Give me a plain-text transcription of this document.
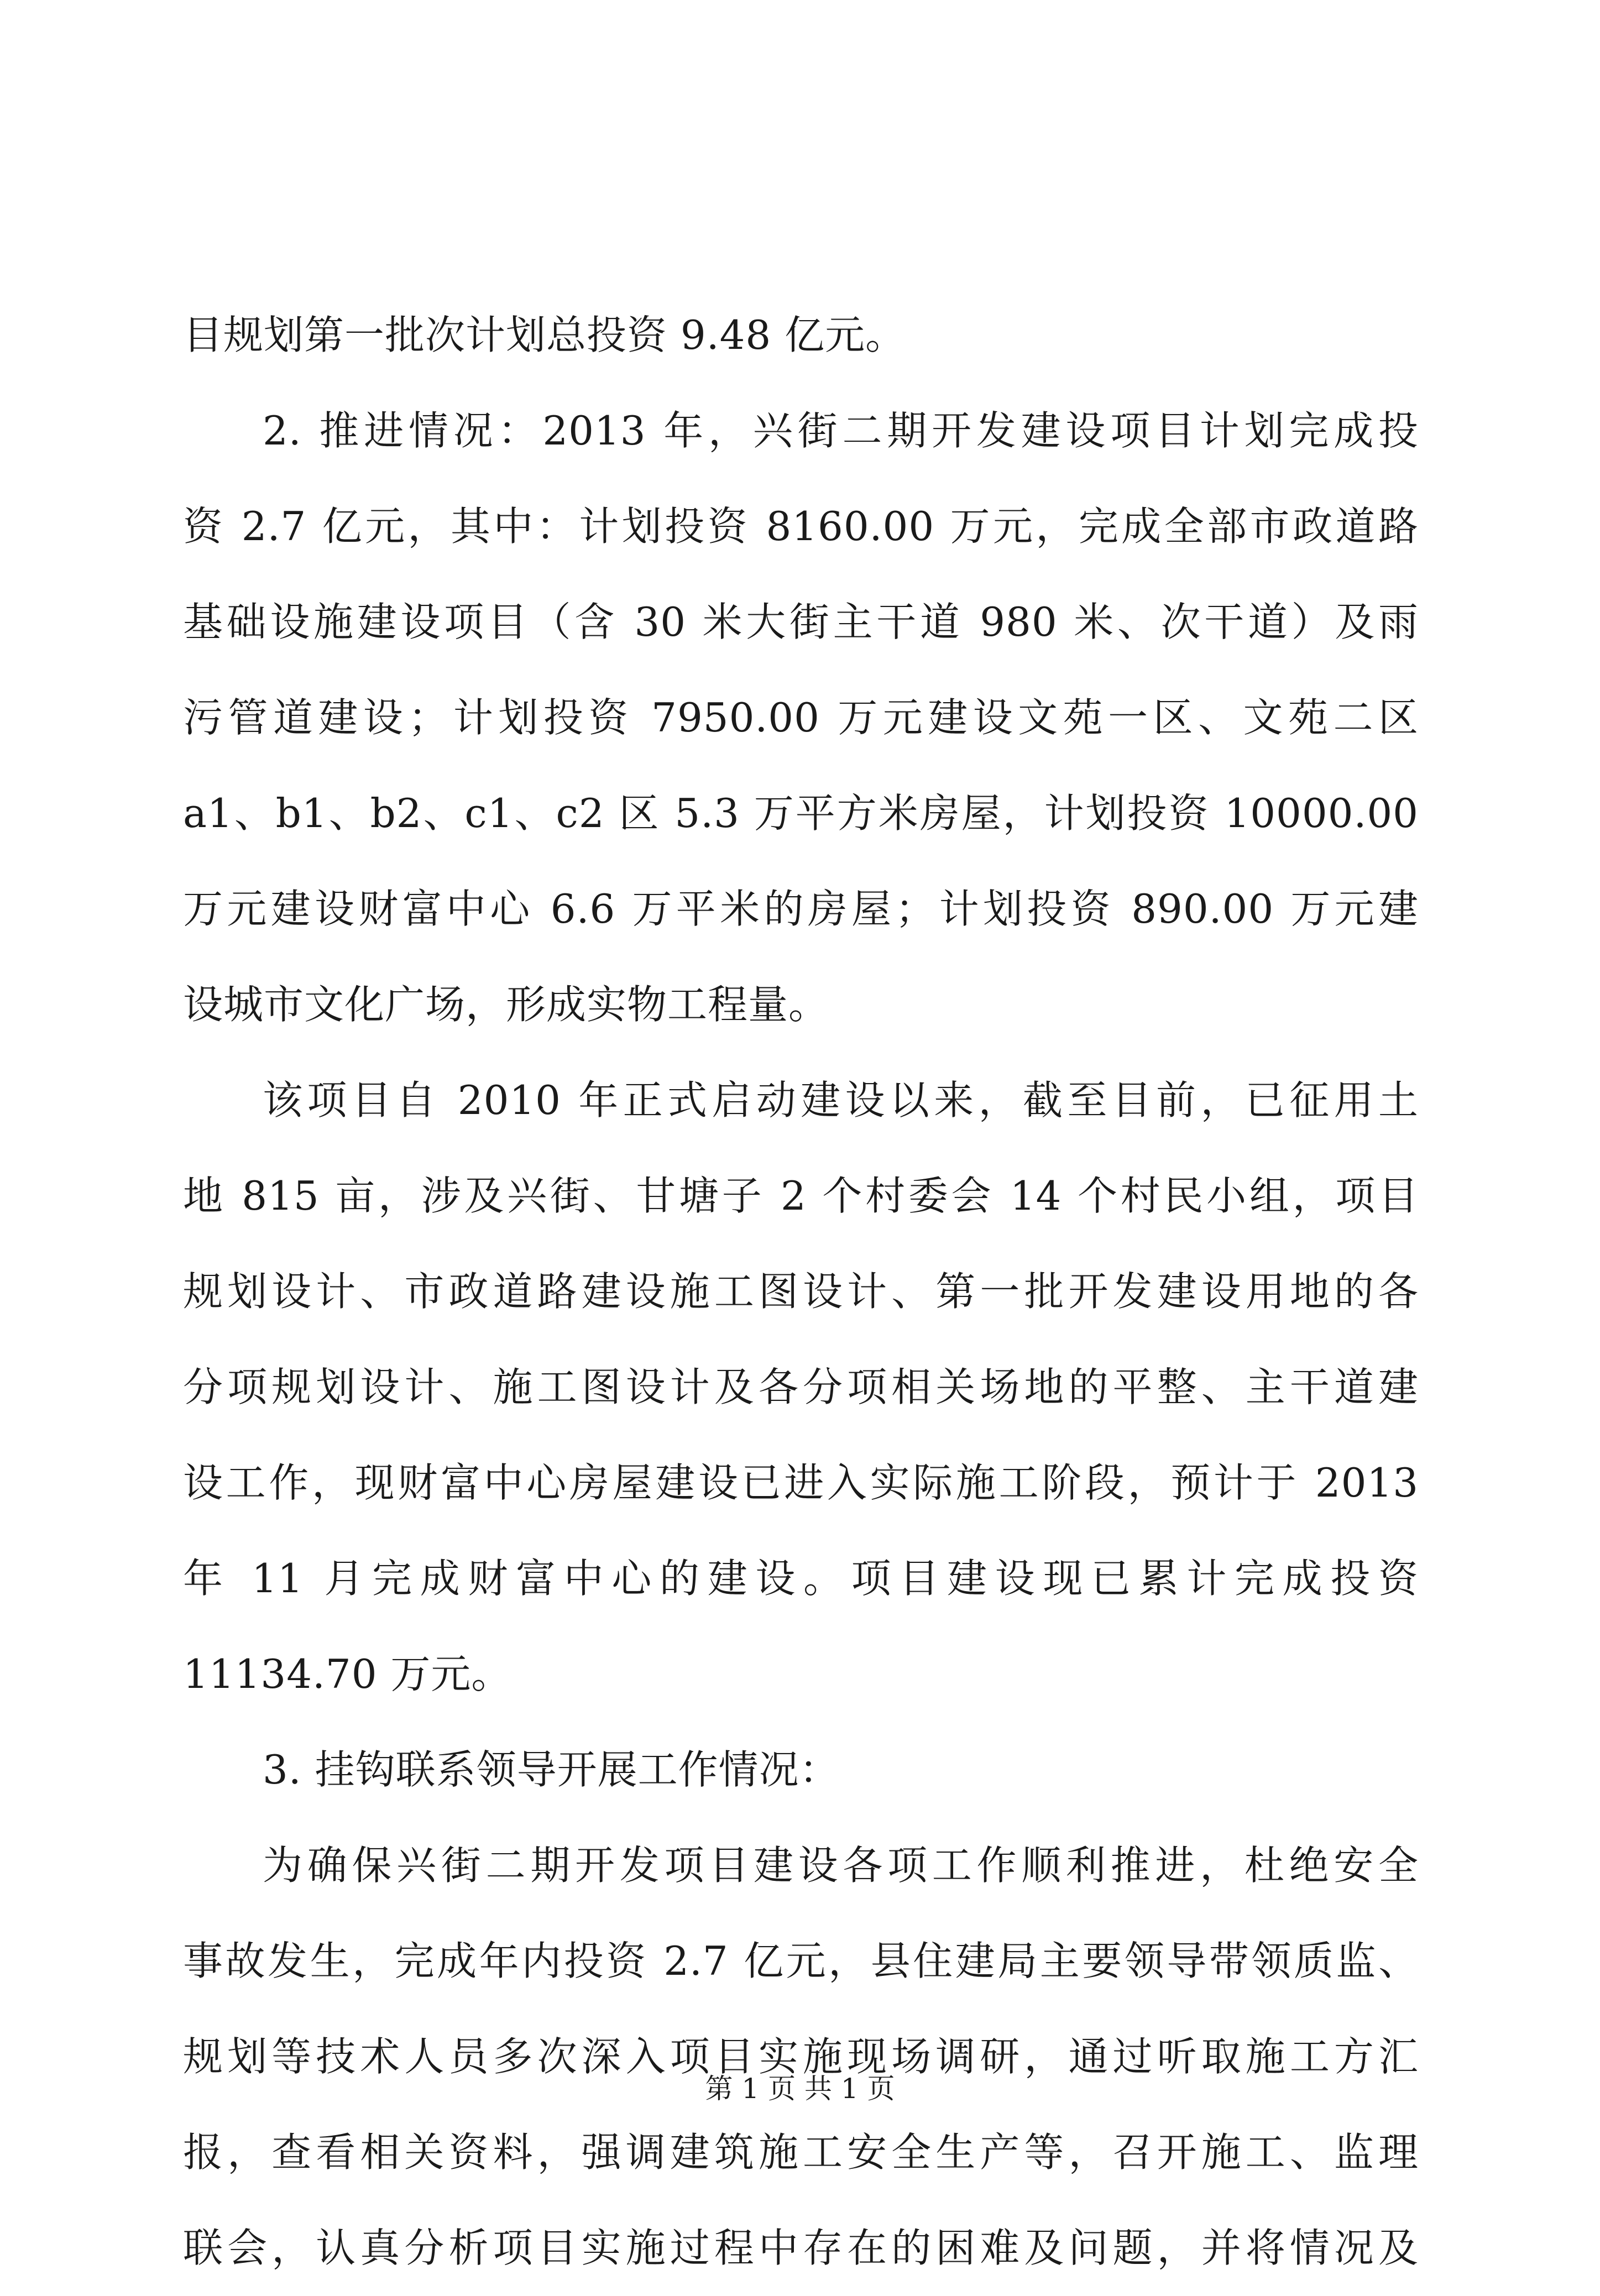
目规划第一批次计划总投资 9.48 亿元。
2. 推进情况：2013 年，兴街二期开发建设项目计划完成投
资 2.7 亿元，其中：计划投资 8160.00 万元，完成全部市政道路
基础设施建设项目（含 30 米大街主干道 980 米、次干道）及雨
污管道建设；计划投资 7950.00 万元建设文苑一区、文苑二区
a1、b1、b2、c1、c2 区 5.3 万平方米房屋，计划投资 10000.00
万元建设财富中心 6.6 万平米的房屋；计划投资 890.00 万元建
设城市文化广场，形成实物工程量。
该项目自 2010 年正式启动建设以来，截至目前，已征用土
地 815 亩，涉及兴街、甘塘子 2 个村委会 14 个村民小组，项目
规划设计、市政道路建设施工图设计、第一批开发建设用地的各
分项规划设计、施工图设计及各分项相关场地的平整、主干道建
设工作，现财富中心房屋建设已进入实际施工阶段，预计于 2013
年 11 月完成财富中心的建设。项目建设现已累计完成投资
11134.70 万元。
3. 挂钩联系领导开展工作情况：
为确保兴街二期开发项目建设各项工作顺利推进，杜绝安全
事故发生，完成年内投资 2.7 亿元，县住建局主要领导带领质监、
规划等技术人员多次深入项目实施现场调研，通过听取施工方汇
报，查看相关资料，强调建筑施工安全生产等，召开施工、监理
联会，认真分析项目实施过程中存在的困难及问题，并将情况及
第 1 页 共 1 页
